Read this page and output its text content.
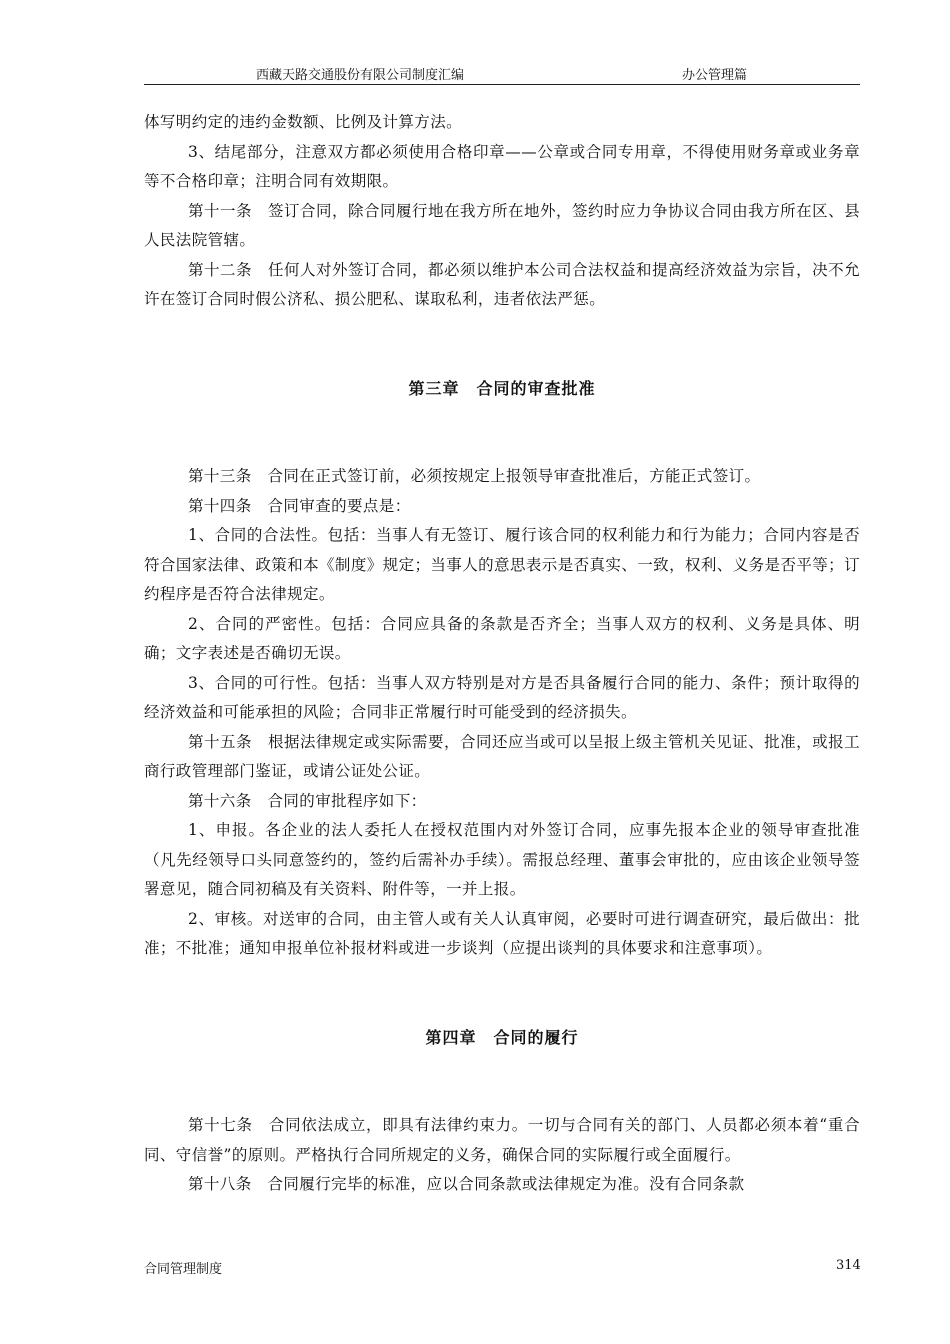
西藏天路交通股份有限公司制度汇编	办公管理篇

体写明约定的违约金数额、比例及计算方法。

3、结尾部分，注意双方都必须使用合格印章——公章或合同专用章，不得使用财务章或业务章等不合格印章；注明合同有效期限。

第十一条　签订合同，除合同履行地在我方所在地外，签约时应力争协议合同由我方所在区、县人民法院管辖。

第十二条　任何人对外签订合同，都必须以维护本公司合法权益和提高经济效益为宗旨，决不允许在签订合同时假公济私、损公肥私、谋取私利，违者依法严惩。

第三章　合同的审查批准

第十三条　合同在正式签订前，必须按规定上报领导审查批准后，方能正式签订。

第十四条　合同审查的要点是：

1、合同的合法性。包括：当事人有无签订、履行该合同的权利能力和行为能力；合同内容是否符合国家法律、政策和本《制度》规定；当事人的意思表示是否真实、一致，权利、义务是否平等；订约程序是否符合法律规定。

2、合同的严密性。包括：合同应具备的条款是否齐全；当事人双方的权利、义务是具体、明确；文字表述是否确切无误。

3、合同的可行性。包括：当事人双方特别是对方是否具备履行合同的能力、条件；预计取得的经济效益和可能承担的风险；合同非正常履行时可能受到的经济损失。

第十五条　根据法律规定或实际需要，合同还应当或可以呈报上级主管机关见证、批准，或报工商行政管理部门鉴证，或请公证处公证。

第十六条　合同的审批程序如下：

1、申报。各企业的法人委托人在授权范围内对外签订合同，应事先报本企业的领导审查批准（凡先经领导口头同意签约的，签约后需补办手续）。需报总经理、董事会审批的，应由该企业领导签署意见，随合同初稿及有关资料、附件等，一并上报。

2、审核。对送审的合同，由主管人或有关人认真审阅，必要时可进行调查研究，最后做出：批准；不批准；通知申报单位补报材料或进一步谈判（应提出谈判的具体要求和注意事项）。

第四章　合同的履行

第十七条　合同依法成立，即具有法律约束力。一切与合同有关的部门、人员都必须本着“重合同、守信誉”的原则。严格执行合同所规定的义务，确保合同的实际履行或全面履行。

第十八条　合同履行完毕的标准，应以合同条款或法律规定为准。没有合同条款

合同管理制度	314
